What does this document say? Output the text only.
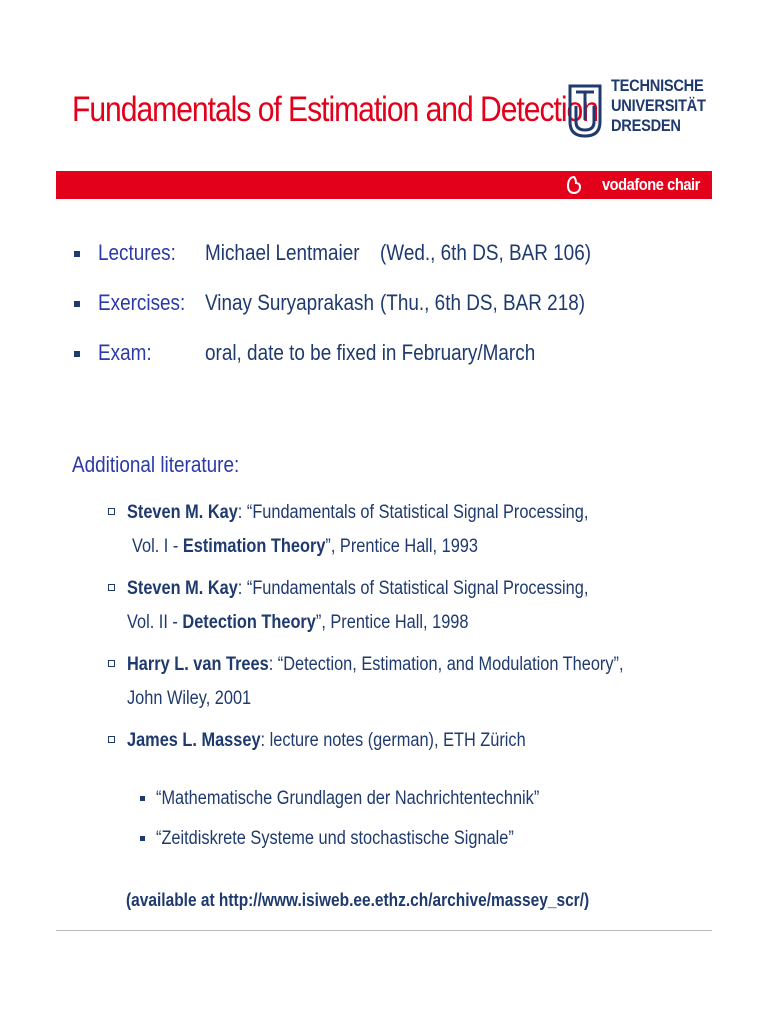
Fundamentals of Estimation and Detection
TECHNISCHE
UNIVERSITÄT
DRESDEN
vodafone chair
Lectures: Michael Lentmaier (Wed., 6th DS, BAR 106)
Exercises: Vinay Suryaprakash (Thu., 6th DS, BAR 218)
Exam: oral, date to be fixed in February/March
Additional literature:
Steven M. Kay: “Fundamentals of Statistical Signal Processing,
Vol. I - Estimation Theory”, Prentice Hall, 1993
Steven M. Kay: “Fundamentals of Statistical Signal Processing,
Vol. II - Detection Theory”, Prentice Hall, 1998
Harry L. van Trees: “Detection, Estimation, and Modulation Theory”,
John Wiley, 2001
James L. Massey: lecture notes (german), ETH Zürich
“Mathematische Grundlagen der Nachrichtentechnik”
“Zeitdiskrete Systeme und stochastische Signale”
(available at http://www.isiweb.ee.ethz.ch/archive/massey_scr/)
